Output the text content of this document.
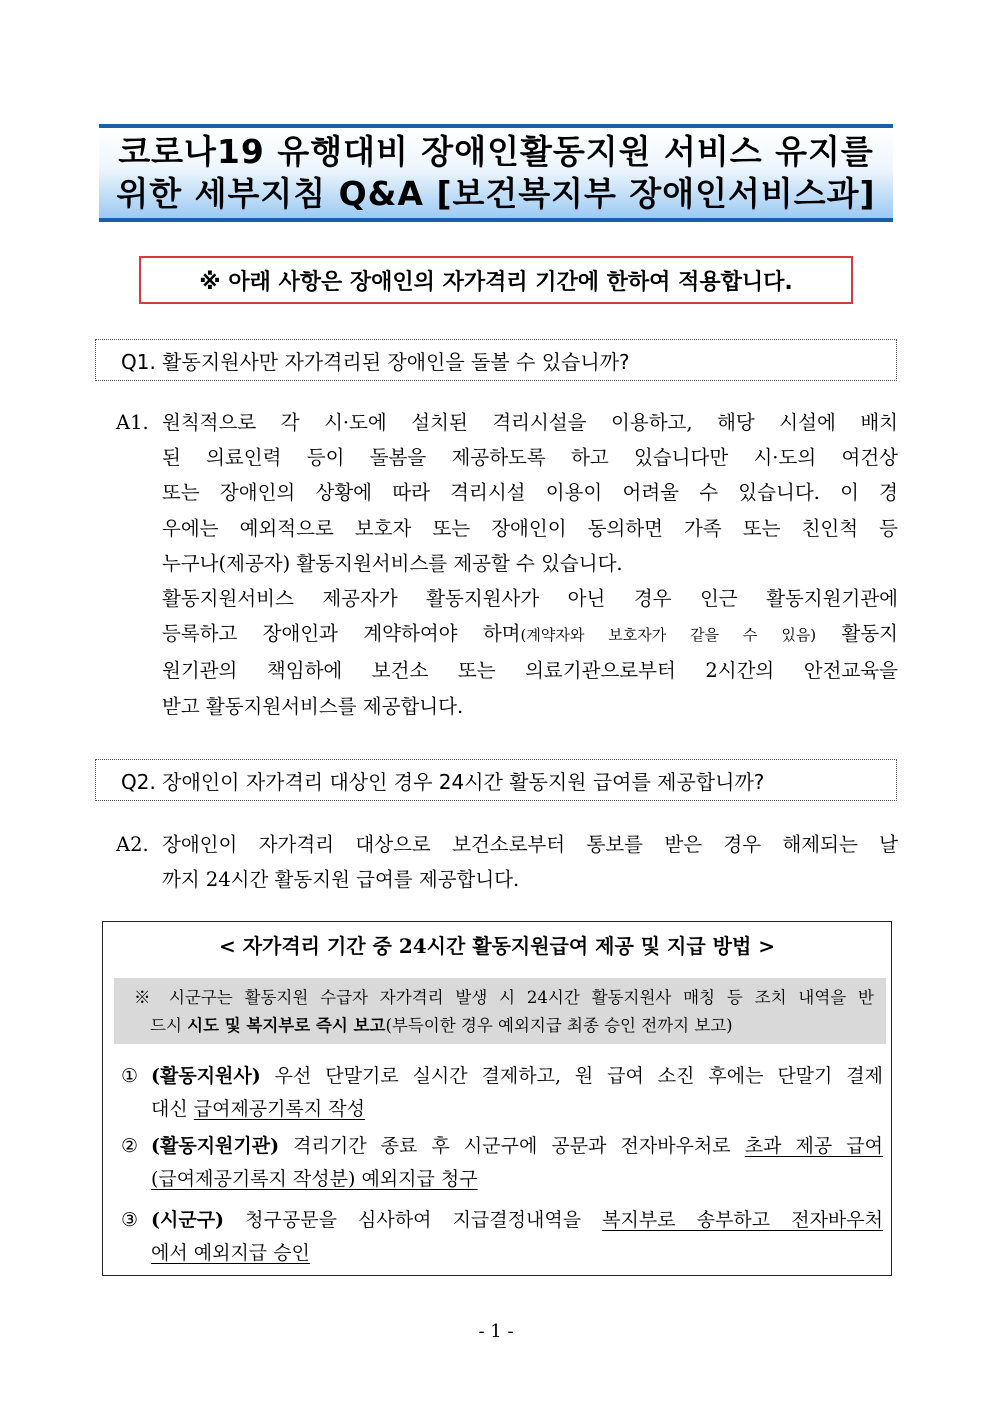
코로나19 유행대비 장애인활동지원 서비스 유지를
위한 세부지침 Q&A [보건복지부 장애인서비스과]
※ 아래 사항은 장애인의 자가격리 기간에 한하여 적용합니다.
Q1. 활동지원사만 자가격리된 장애인을 돌볼 수 있습니까?
A1. 원칙적으로 각 시·도에 설치된 격리시설을 이용하고, 해당 시설에 배치
된 의료인력 등이 돌봄을 제공하도록 하고 있습니다만 시·도의 여건상
또는 장애인의 상황에 따라 격리시설 이용이 어려울 수 있습니다. 이 경
우에는 예외적으로 보호자 또는 장애인이 동의하면 가족 또는 친인척 등
누구나(제공자) 활동지원서비스를 제공할 수 있습니다.
활동지원서비스 제공자가 활동지원사가 아닌 경우 인근 활동지원기관에
등록하고 장애인과 계약하여야 하며(계약자와 보호자가 같을 수 있음) 활동지
원기관의 책임하에 보건소 또는 의료기관으로부터 2시간의 안전교육을
받고 활동지원서비스를 제공합니다.
Q2. 장애인이 자가격리 대상인 경우 24시간 활동지원 급여를 제공합니까?
A2. 장애인이 자가격리 대상으로 보건소로부터 통보를 받은 경우 해제되는 날
까지 24시간 활동지원 급여를 제공합니다.
< 자가격리 기간 중 24시간 활동지원급여 제공 및 지급 방법 >
※ 시군구는 활동지원 수급자 자가격리 발생 시 24시간 활동지원사 매칭 등 조치 내역을 반
드시 시도 및 복지부로 즉시 보고(부득이한 경우 예외지급 최종 승인 전까지 보고)
① (활동지원사) 우선 단말기로 실시간 결제하고, 원 급여 소진 후에는 단말기 결제
대신 급여제공기록지 작성
② (활동지원기관) 격리기간 종료 후 시군구에 공문과 전자바우처로 초과 제공 급여
(급여제공기록지 작성분) 예외지급 청구
③ (시군구) 청구공문을 심사하여 지급결정내역을 복지부로 송부하고 전자바우처
에서 예외지급 승인
- 1 -
